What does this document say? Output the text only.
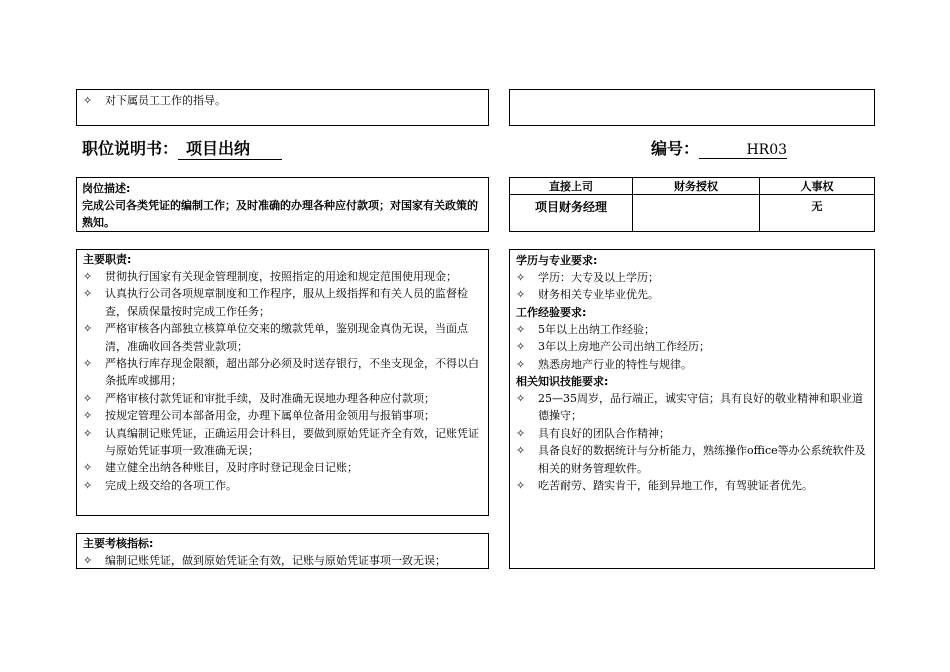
✧	对下属员工工作的指导。
职位说明书： 项目出纳	编号：	HR03
岗位描述:
完成公司各类凭证的编制工作；及时准确的办理各种应付款项；对国家有关政策的熟知。
直接上司	财务授权	人事权
项目财务经理		无
主要职责:
✧	贯彻执行国家有关现金管理制度，按照指定的用途和规定范围使用现金；
✧	认真执行公司各项规章制度和工作程序，服从上级指挥和有关人员的监督检查，保质保量按时完成工作任务；
✧	严格审核各内部独立核算单位交来的缴款凭单，鉴别现金真伪无误，当面点清，准确收回各类营业款项；
✧	严格执行库存现金限额，超出部分必须及时送存银行，不坐支现金，不得以白条抵库或挪用；
✧	严格审核付款凭证和审批手续，及时准确无误地办理各种应付款项；
✧	按规定管理公司本部备用金，办理下属单位备用金领用与报销事项；
✧	认真编制记账凭证，正确运用会计科目，要做到原始凭证齐全有效，记账凭证与原始凭证事项一致准确无误；
✧	建立健全出纳各种账目，及时序时登记现金日记账；
✧	完成上级交给的各项工作。
主要考核指标:
✧	编制记账凭证，做到原始凭证全有效，记账与原始凭证事项一致无误；
学历与专业要求:
✧	学历：大专及以上学历；
✧	财务相关专业毕业优先。
工作经验要求:
✧	5年以上出纳工作经验；
✧	3年以上房地产公司出纳工作经历；
✧	熟悉房地产行业的特性与规律。
相关知识技能要求:
✧	25—35周岁，品行端正，诚实守信；具有良好的敬业精神和职业道德操守；
✧	具有良好的团队合作精神；
✧	具备良好的数据统计与分析能力，熟练操作office等办公系统软件及相关的财务管理软件。
✧	吃苦耐劳、踏实肯干，能到异地工作，有驾驶证者优先。
